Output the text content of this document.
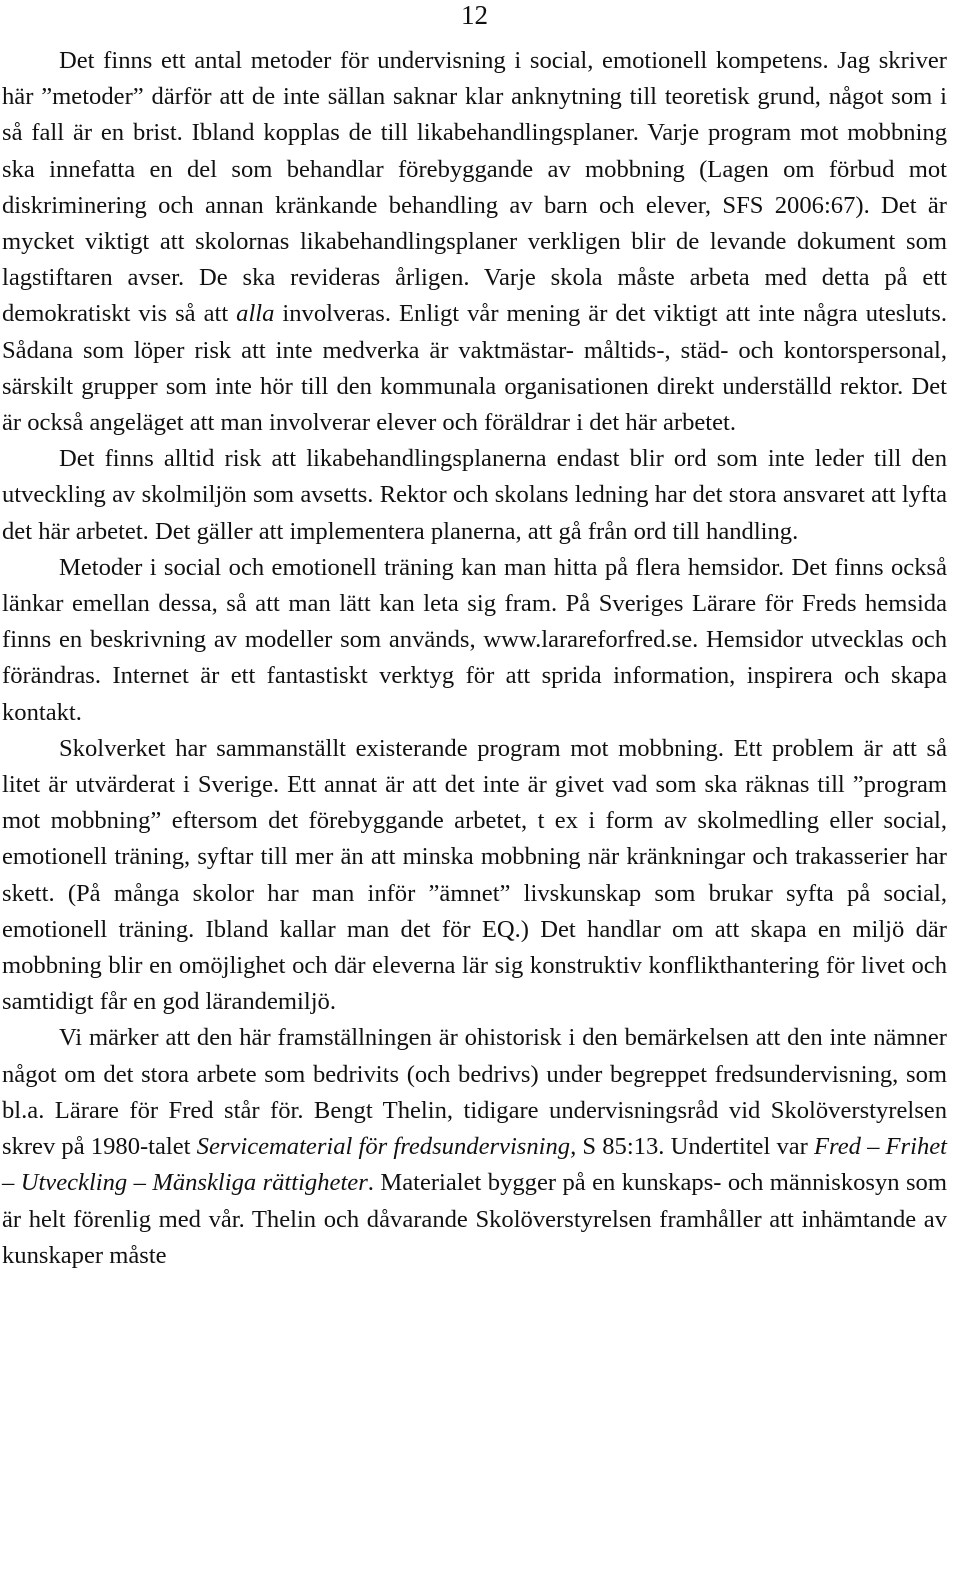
12

Det finns ett antal metoder för undervisning i social, emotionell kompetens. Jag skriver här ”metoder” därför att de inte sällan saknar klar anknytning till teoretisk grund, något som i så fall är en brist. Ibland kopplas de till likabehandlingsplaner. Varje program mot mobbning ska innefatta en del som behandlar förebyggande av mobbning (Lagen om förbud mot diskriminering och annan kränkande behandling av barn och elever, SFS 2006:67). Det är mycket viktigt att skolornas likabehandlingsplaner verkligen blir de levande dokument som lagstiftaren avser. De ska revideras årligen. Varje skola måste arbeta med detta på ett demokratiskt vis så att alla involveras. Enligt vår mening är det viktigt att inte några utesluts. Sådana som löper risk att inte medverka är vaktmästar- måltids-, städ- och kontorspersonal, särskilt grupper som inte hör till den kommunala organisationen direkt underställd rektor. Det är också angeläget att man involverar elever och föräldrar i det här arbetet.

Det finns alltid risk att likabehandlingsplanerna endast blir ord som inte leder till den utveckling av skolmiljön som avsetts. Rektor och skolans ledning har det stora ansvaret att lyfta det här arbetet. Det gäller att implementera planerna, att gå från ord till handling.

Metoder i social och emotionell träning kan man hitta på flera hemsidor. Det finns också länkar emellan dessa, så att man lätt kan leta sig fram. På Sveriges Lärare för Freds hemsida finns en beskrivning av modeller som används, www.larareforfred.se. Hemsidor utvecklas och förändras. Internet är ett fantastiskt verktyg för att sprida information, inspirera och skapa kontakt.

Skolverket har sammanställt existerande program mot mobbning. Ett problem är att så litet är utvärderat i Sverige. Ett annat är att det inte är givet vad som ska räknas till ”program mot mobbning” eftersom det förebyggande arbetet, t ex i form av skolmedling eller social, emotionell träning, syftar till mer än att minska mobbning när kränkningar och trakasserier har skett. (På många skolor har man inför ”ämnet” livskunskap som brukar syfta på social, emotionell träning. Ibland kallar man det för EQ.) Det handlar om att skapa en miljö där mobbning blir en omöjlighet och där eleverna lär sig konstruktiv konflikthantering för livet och samtidigt får en god lärandemiljö.

Vi märker att den här framställningen är ohistorisk i den bemärkelsen att den inte nämner något om det stora arbete som bedrivits (och bedrivs) under begreppet fredsundervisning, som bl.a. Lärare för Fred står för. Bengt Thelin, tidigare undervisningsråd vid Skolöverstyrelsen skrev på 1980-talet Servicematerial för fredsundervisning, S 85:13. Undertitel var Fred – Frihet – Utveckling – Mänskliga rättigheter. Materialet bygger på en kunskaps- och människosyn som är helt förenlig med vår. Thelin och dåvarande Skolöverstyrelsen framhåller att inhämtande av kunskaper måste
